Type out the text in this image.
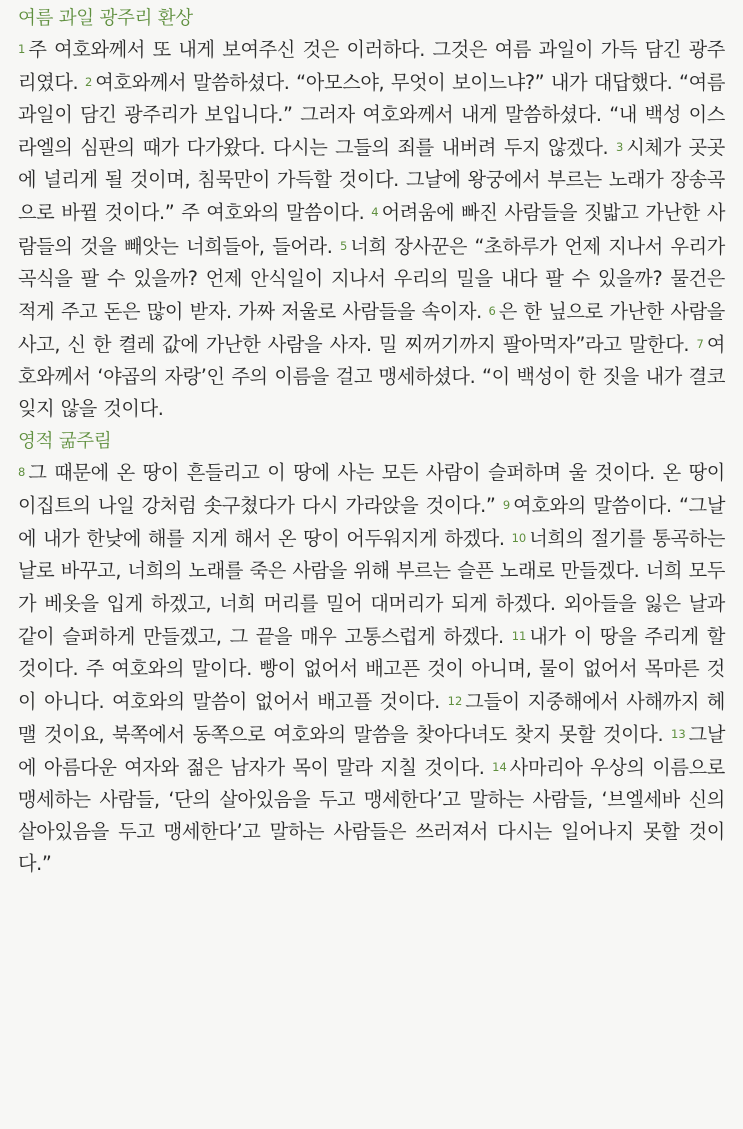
여름 과일 광주리 환상

1 주 여호와께서 또 내게 보여주신 것은 이러하다. 그것은 여름 과일이 가득 담긴 광주리였다. 2 여호와께서 말씀하셨다. “아모스야, 무엇이 보이느냐?” 내가 대답했다. “여름 과일이 담긴 광주리가 보입니다.” 그러자 여호와께서 내게 말씀하셨다. “내 백성 이스라엘의 심판의 때가 다가왔다. 다시는 그들의 죄를 내버려 두지 않겠다. 3 시체가 곳곳에 널리게 될 것이며, 침묵만이 가득할 것이다. 그날에 왕궁에서 부르는 노래가 장송곡으로 바뀔 것이다.” 주 여호와의 말씀이다. 4 어려움에 빠진 사람들을 짓밟고 가난한 사람들의 것을 빼앗는 너희들아, 들어라. 5 너희 장사꾼은 “초하루가 언제 지나서 우리가 곡식을 팔 수 있을까? 언제 안식일이 지나서 우리의 밀을 내다 팔 수 있을까? 물건은 적게 주고 돈은 많이 받자. 가짜 저울로 사람들을 속이자. 6 은 한 닢으로 가난한 사람을 사고, 신 한 켤레 값에 가난한 사람을 사자. 밀 찌꺼기까지 팔아먹자”라고 말한다. 7 여호와께서 ‘야곱의 자랑’인 주의 이름을 걸고 맹세하셨다. “이 백성이 한 짓을 내가 결코 잊지 않을 것이다.

영적 굶주림

8 그 때문에 온 땅이 흔들리고 이 땅에 사는 모든 사람이 슬퍼하며 울 것이다. 온 땅이 이집트의 나일 강처럼 솟구쳤다가 다시 가라앉을 것이다.” 9 여호와의 말씀이다. “그날에 내가 한낮에 해를 지게 해서 온 땅이 어두워지게 하겠다. 10 너희의 절기를 통곡하는 날로 바꾸고, 너희의 노래를 죽은 사람을 위해 부르는 슬픈 노래로 만들겠다. 너희 모두가 베옷을 입게 하겠고, 너희 머리를 밀어 대머리가 되게 하겠다. 외아들을 잃은 날과 같이 슬퍼하게 만들겠고, 그 끝을 매우 고통스럽게 하겠다. 11 내가 이 땅을 주리게 할 것이다. 주 여호와의 말이다. 빵이 없어서 배고픈 것이 아니며, 물이 없어서 목마른 것이 아니다. 여호와의 말씀이 없어서 배고플 것이다. 12 그들이 지중해에서 사해까지 헤맬 것이요, 북쪽에서 동쪽으로 여호와의 말씀을 찾아다녀도 찾지 못할 것이다. 13 그날에 아름다운 여자와 젊은 남자가 목이 말라 지칠 것이다. 14 사마리아 우상의 이름으로 맹세하는 사람들, ‘단의 살아있음을 두고 맹세한다’고 말하는 사람들, ‘브엘세바 신의 살아있음을 두고 맹세한다’고 말하는 사람들은 쓰러져서 다시는 일어나지 못할 것이다.”
